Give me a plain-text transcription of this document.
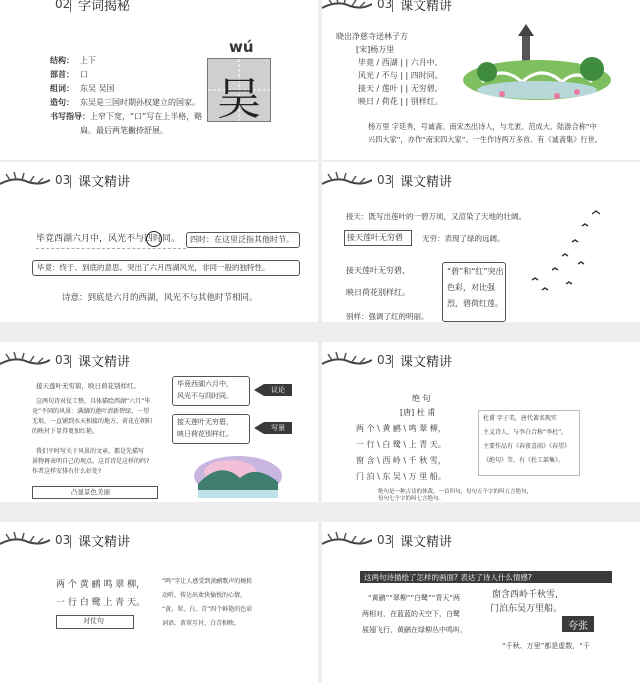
02 字词揭秘
结构： 上下
部首： 口
组词： 东吴 吴国
造句： 东吴是三国时期孙权建立的国家。
书写指导： 上窄下宽，“口”写在上半格，略
扁。最后两笔撇捺舒展。
wú
吴
03 课文精讲
晓出净慈寺送林子方
[宋]杨万里
毕竟 / 西湖 | | 六月中,
风光 / 不与 | | 四时同。
接天 / 莲叶 | | 无穷碧,
映日 / 荷花 | | 别样红。
杨万里 字廷秀，号诚斋。南宋杰出诗人，与尤袤、范成大、陆游合称“中
兴四大家”，亦作“南宋四大家”。一生作诗两万多首。有《诚斋集》行世。
03 课文精讲
毕竟西湖六月中，风光不与四时同。 四时：在这里泛指其他时节。
毕竟：终于、到底的意思。突出了六月西湖风光，非同一般的独特性。
诗意：到底是六月的西湖，风光不与其他时节相同。
03 课文精讲
接天：既写出莲叶的一碧万顷，又渲染了天地的壮阔。
接天莲叶无穷碧	无穷：表现了绿的远阔。
接天莲叶无穷碧，
映日荷花别样红。
“碧”和“红”突出
色彩，对比强
烈，碧荷红莲。
别样：强调了红的明丽。
03 课文精讲
接天莲叶无穷碧，映日荷花别样红。
这两句诗对仗工整，具体描绘西湖“六月”毕
竟“不同的风景：满湖的莲叶清新碧绿，一望
无垠，一直铺到水天相接的地方，荷花在朝阳
的映衬下显得更加红艳。
我们平时写关于风景的文章，都是先描写
景物再表明自己的观点。这首诗是这样的吗?
作者这样安排有什么好处?
凸显景色美丽
毕竟西湖六月中，
风光不与四时同。
议论
接天莲叶无穷碧，
映日荷花别样红。
写景
03 课文精讲
绝 句
[唐] 杜 甫
两 个 \ 黄 鹂 \ 鸣 翠 柳，
一 行 \ 白 鹭 \ 上 青 天。
窗 含 \ 西 岭 \ 千 秋 雪，
门 泊 \ 东 吴 \ 万 里 船。
杜甫 字子美，唐代著名现实
主义诗人，与李白合称“李杜”。
主要作品有《春夜喜雨》《春望》
《绝句》等，有《杜工部集》。
绝句是一种古诗的体裁，一首四句，每句五个字的叫五言绝句，
每句七个字的叫七言绝句。
03 课文精讲
两 个 黄 鹂 鸣 翠 柳，
一 行 白 鹭 上 青 天。
对仗句
“鸣”字让人感受到黄鹂歌声的婉转
动听，传达出欢快愉悦的心情。
“黄、翠、白、青”四个鲜艳的色彩
词语，黄翠互衬，白青相映。
03 课文精讲
这两句诗描绘了怎样的画面? 表达了诗人什么情感?
“黄鹂”“翠柳”“白鹭”“青天”两
两相对，在蓝蓝的天空下，白鹭
展翅飞行，黄鹂在绿柳丛中鸣叫，
窗含西岭千秋雪,
门泊东吴万里船。
夸张
“千秋、万里”都是虚数，“千
